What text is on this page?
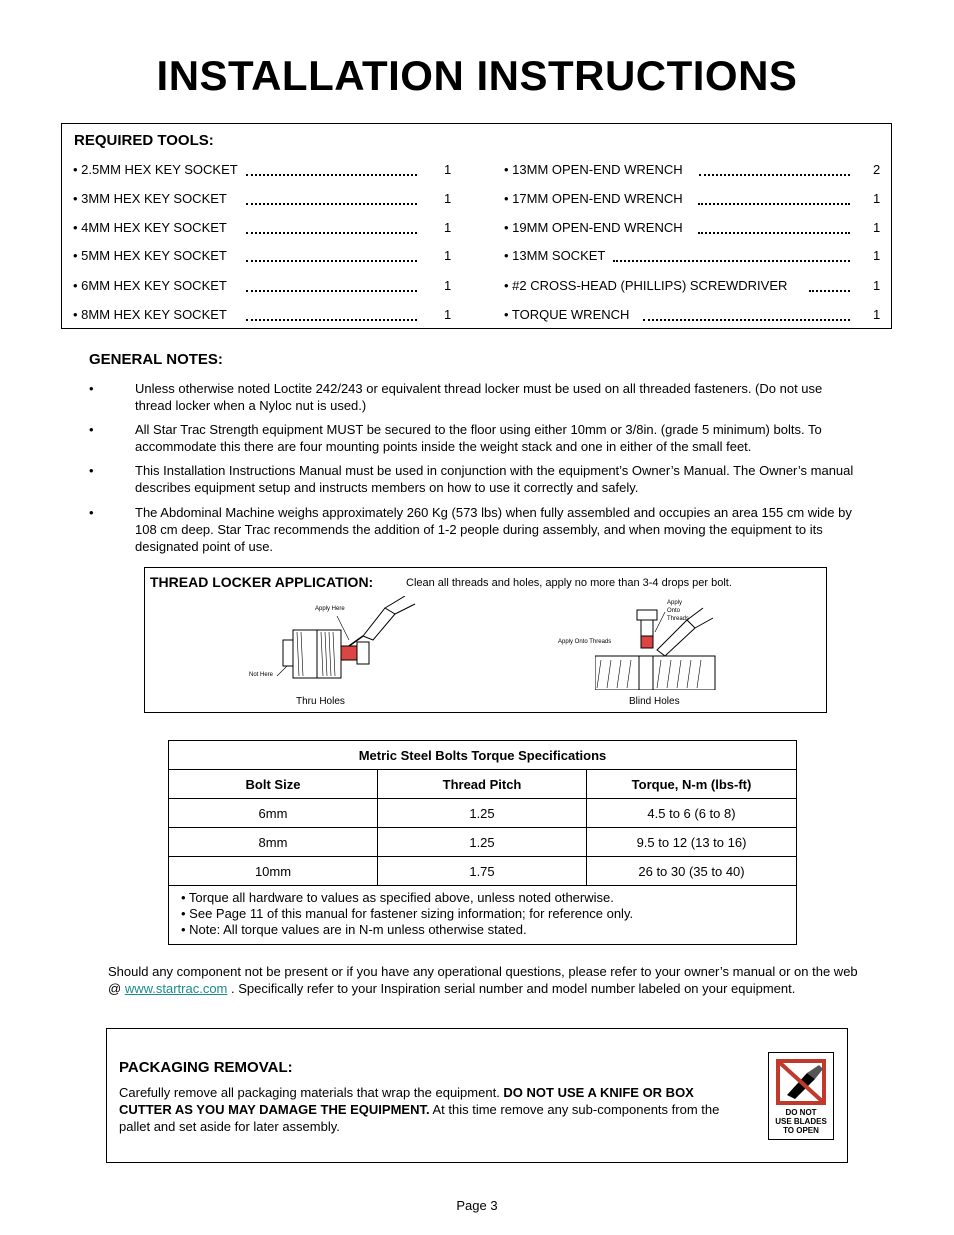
INSTALLATION INSTRUCTIONS
REQUIRED TOOLS:
• 2.5MM HEX KEY SOCKET	1
• 3MM HEX KEY SOCKET	1
• 4MM HEX KEY SOCKET	1
• 5MM HEX KEY SOCKET	1
• 6MM HEX KEY SOCKET	1
• 8MM HEX KEY SOCKET	1
• 13MM OPEN-END WRENCH	2
• 17MM OPEN-END WRENCH	1
• 19MM OPEN-END WRENCH	1
• 13MM SOCKET	1
• #2 CROSS-HEAD (PHILLIPS) SCREWDRIVER	1
• TORQUE WRENCH	1
GENERAL NOTES:
•	Unless otherwise noted Loctite 242/243 or equivalent thread locker must be used on all threaded fasteners. (Do not use thread locker when a Nyloc nut is used.)
•	All Star Trac Strength equipment MUST be secured to the floor using either 10mm or 3/8in. (grade 5 minimum) bolts. To accommodate this there are four mounting points inside the weight stack and one in either of the small feet.
•	This Installation Instructions Manual must be used in conjunction with the equipment’s Owner’s Manual. The Owner’s manual describes equipment setup and instructs members on how to use it correctly and safely.
•	The Abdominal Machine weighs approximately 260 Kg (573 lbs) when fully assembled and occupies an area 155 cm wide by 108 cm deep. Star Trac recommends the addition of 1-2 people during assembly, and when moving the equipment to its designated point of use.
THREAD LOCKER APPLICATION:	Clean all threads and holes, apply no more than 3-4 drops per bolt.
Apply Here
Not Here
Thru Holes
Apply
Onto
Threads
Apply Onto Threads
Blind Holes
Metric Steel Bolts Torque Specifications		
Bolt Size	Thread Pitch	Torque, N-m (lbs-ft)
6mm	1.25	4.5 to 6 (6 to 8)
8mm	1.25	9.5 to 12 (13 to 16)
10mm	1.75	26 to 30 (35 to 40)

• Torque all hardware to values as specified above, unless noted otherwise.
• See Page 11 of this manual for fastener sizing information; for reference only.
• Note: All torque values are in N-m unless otherwise stated.		
Should any component not be present or if you have any operational questions, please refer to your owner’s manual or on the web @ www.startrac.com . Specifically refer to your Inspiration serial number and model number labeled on your equipment.
PACKAGING REMOVAL:
Carefully remove all packaging materials that wrap the equipment. DO NOT USE A KNIFE OR BOX CUTTER AS YOU MAY DAMAGE THE EQUIPMENT. At this time remove any sub-components from the pallet and set aside for later assembly.
DO NOT
USE BLADES
TO OPEN
Page 3
